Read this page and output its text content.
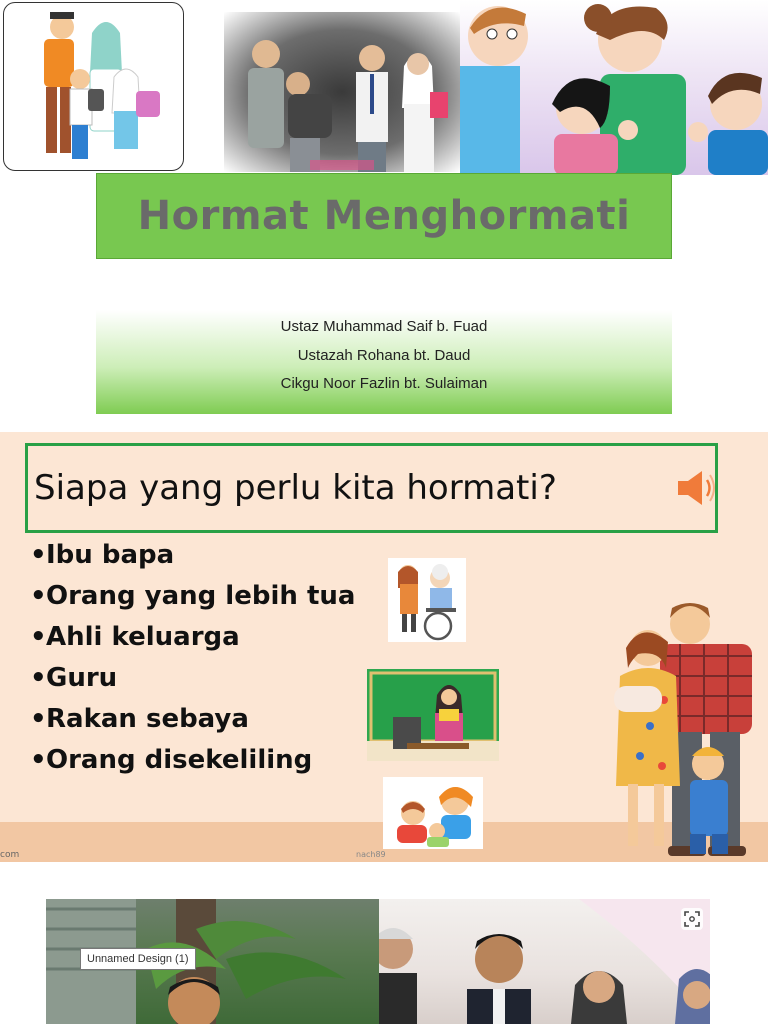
Hormat Menghormati
Ustaz Muhammad Saif b. Fuad
Ustazah Rohana bt. Daud
Cikgu Noor Fazlin bt. Sulaiman
Siapa yang perlu kita hormati?
•Ibu bapa
•Orang yang lebih tua
•Ahli keluarga
•Guru
•Rakan sebaya
•Orang disekeliling
com	nach89
Unnamed Design (1)
